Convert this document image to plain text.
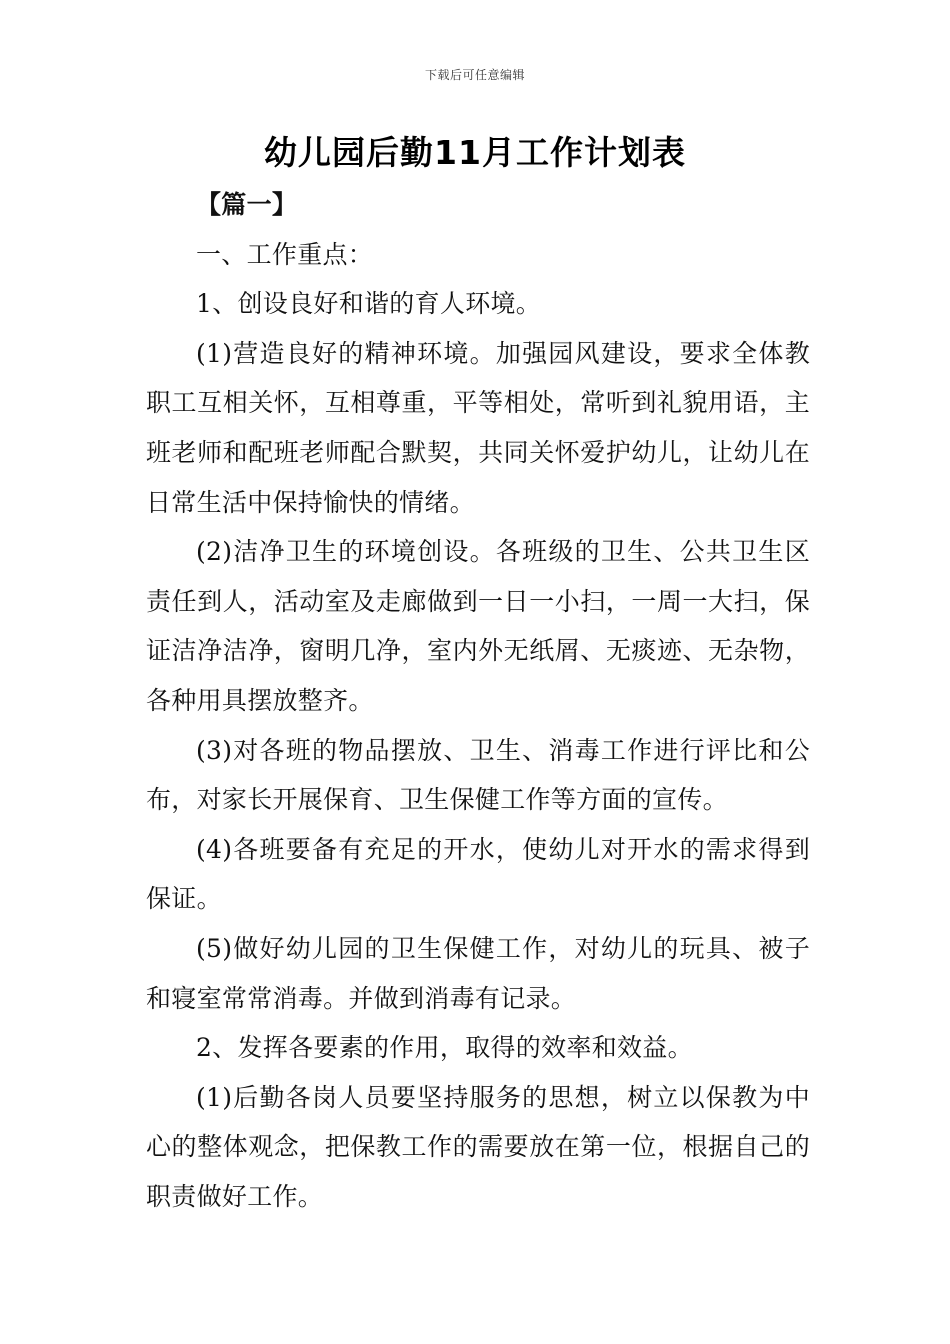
下载后可任意编辑
幼儿园后勤11月工作计划表

【篇一】

一、工作重点：

1、创设良好和谐的育人环境。

(1)营造良好的精神环境。加强园风建设，要求全体教职工互相关怀，互相尊重，平等相处，常听到礼貌用语，主班老师和配班老师配合默契，共同关怀爱护幼儿，让幼儿在日常生活中保持愉快的情绪。

(2)洁净卫生的环境创设。各班级的卫生、公共卫生区责任到人，活动室及走廊做到一日一小扫，一周一大扫，保证洁净洁净，窗明几净，室内外无纸屑、无痰迹、无杂物，各种用具摆放整齐。

(3)对各班的物品摆放、卫生、消毒工作进行评比和公布，对家长开展保育、卫生保健工作等方面的宣传。

(4)各班要备有充足的开水，使幼儿对开水的需求得到保证。

(5)做好幼儿园的卫生保健工作，对幼儿的玩具、被子和寝室常常消毒。并做到消毒有记录。

2、发挥各要素的作用，取得的效率和效益。

(1)后勤各岗人员要坚持服务的思想，树立以保教为中心的整体观念，把保教工作的需要放在第一位，根据自己的职责做好工作。
